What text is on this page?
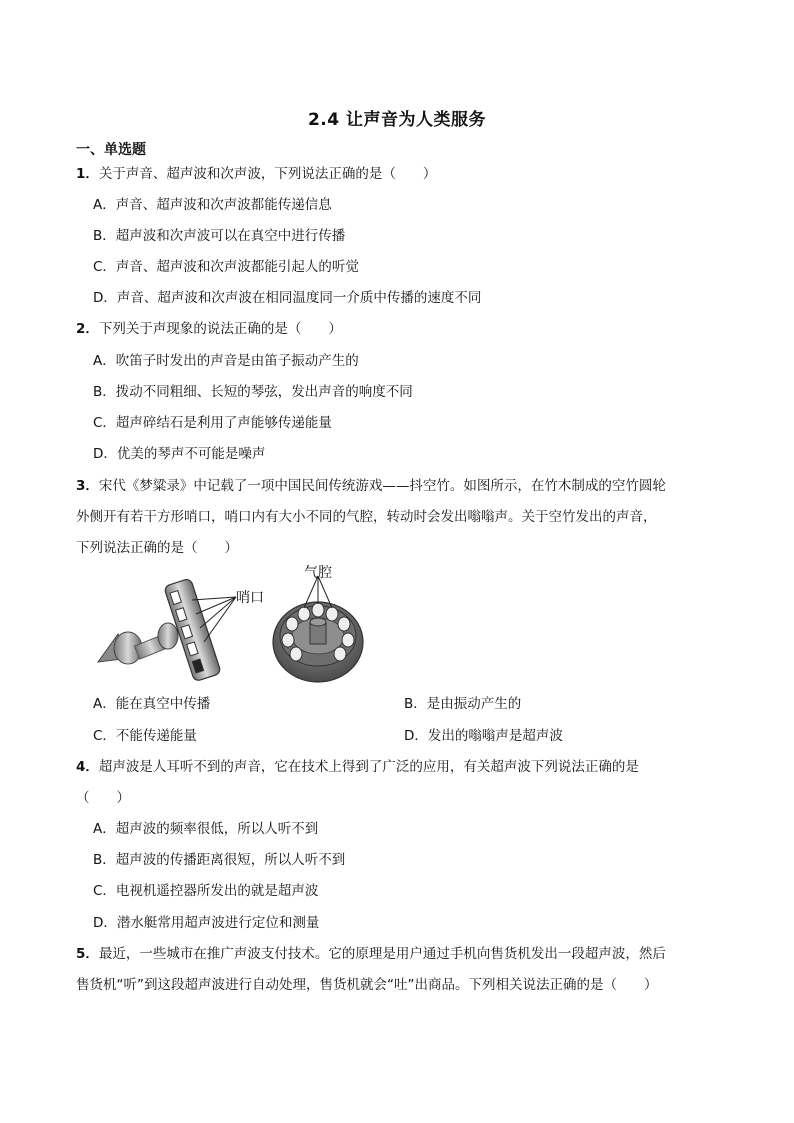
2.4 让声音为人类服务
一、单选题
1．关于声音、超声波和次声波，下列说法正确的是（　　）
A．声音、超声波和次声波都能传递信息
B．超声波和次声波可以在真空中进行传播
C．声音、超声波和次声波都能引起人的听觉
D．声音、超声波和次声波在相同温度同一介质中传播的速度不同
2．下列关于声现象的说法正确的是（　　）
A．吹笛子时发出的声音是由笛子振动产生的
B．拨动不同粗细、长短的琴弦，发出声音的响度不同
C．超声碎结石是利用了声能够传递能量
D．优美的琴声不可能是噪声
3．宋代《梦粱录》中记载了一项中国民间传统游戏——抖空竹。如图所示，在竹木制成的空竹圆轮
外侧开有若干方形哨口，哨口内有大小不同的气腔，转动时会发出嗡嗡声。关于空竹发出的声音，
下列说法正确的是（　　）
哨口
气腔
A．能在真空中传播	B．是由振动产生的
C．不能传递能量	D．发出的嗡嗡声是超声波
4．超声波是人耳听不到的声音，它在技术上得到了广泛的应用，有关超声波下列说法正确的是
（　　）
A．超声波的频率很低，所以人听不到
B．超声波的传播距离很短，所以人听不到
C．电视机遥控器所发出的就是超声波
D．潜水艇常用超声波进行定位和测量
5．最近，一些城市在推广声波支付技术。它的原理是用户通过手机向售货机发出一段超声波，然后
售货机“听”到这段超声波进行自动处理，售货机就会“吐”出商品。下列相关说法正确的是（　　）
